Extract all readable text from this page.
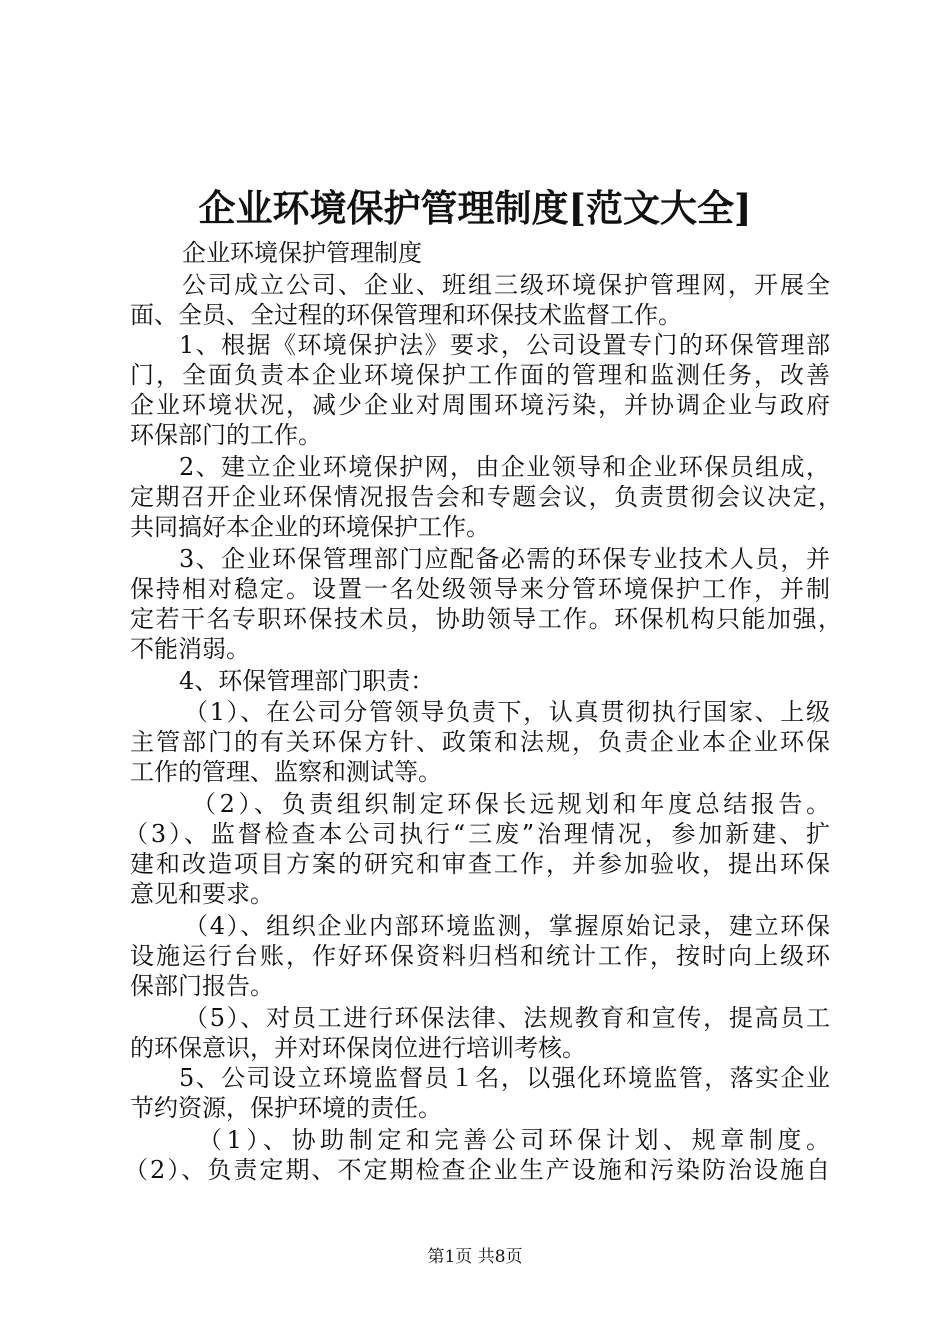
企业环境保护管理制度[范文大全]
企业环境保护管理制度
公司成立公司、企业、班组三级环境保护管理网，开展全
面、全员、全过程的环保管理和环保技术监督工作。
1、根据《环境保护法》要求，公司设置专门的环保管理部
门，全面负责本企业环境保护工作面的管理和监测任务，改善
企业环境状况，减少企业对周围环境污染，并协调企业与政府
环保部门的工作。
2、建立企业环境保护网，由企业领导和企业环保员组成，
定期召开企业环保情况报告会和专题会议，负责贯彻会议决定，
共同搞好本企业的环境保护工作。
3、企业环保管理部门应配备必需的环保专业技术人员，并
保持相对稳定。设置一名处级领导来分管环境保护工作，并制
定若干名专职环保技术员，协助领导工作。环保机构只能加强，
不能消弱。
4、环保管理部门职责：
（1）、在公司分管领导负责下，认真贯彻执行国家、上级
主管部门的有关环保方针、政策和法规，负责企业本企业环保
工作的管理、监察和测试等。
（2）、负责组织制定环保长远规划和年度总结报告。
（3）、监督检查本公司执行“三废”治理情况，参加新建、扩
建和改造项目方案的研究和审查工作，并参加验收，提出环保
意见和要求。
（4）、组织企业内部环境监测，掌握原始记录，建立环保
设施运行台账，作好环保资料归档和统计工作，按时向上级环
保部门报告。
（5）、对员工进行环保法律、法规教育和宣传，提高员工
的环保意识，并对环保岗位进行培训考核。
5、公司设立环境监督员１名，以强化环境监管，落实企业
节约资源，保护环境的责任。
（1）、协助制定和完善公司环保计划、规章制度。
（2）、负责定期、不定期检查企业生产设施和污染防治设施自
第1页 共8页
